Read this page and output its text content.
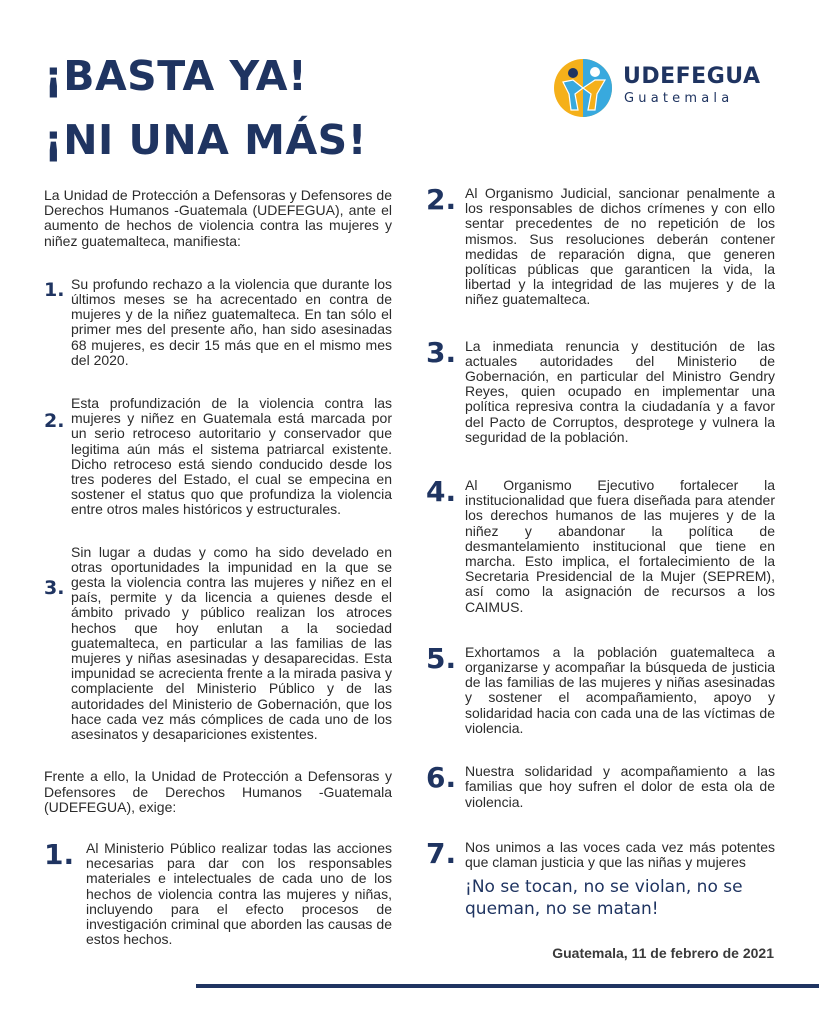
¡BASTA YA!
¡NI UNA MÁS!
UDEFEGUA
Guatemala

La Unidad de Protección a Defensoras y Defensores de Derechos Humanos -Guatemala (UDEFEGUA), ante el aumento de hechos de violencia contra las mujeres y niñez guatemalteca, manifiesta:

1. Su profundo rechazo a la violencia que durante los últimos meses se ha acrecentado en contra de mujeres y de la niñez guatemalteca. En tan sólo el primer mes del presente año, han sido asesinadas 68 mujeres, es decir 15 más que en el mismo mes del 2020.

2.

Esta profundización de la violencia contra las mujeres y niñez en Guatemala está marcada por un serio retroceso autoritario y conservador que legitima aún más el sistema patriarcal existente. Dicho retroceso está siendo conducido desde los tres poderes del Estado, el cual se empecina en sostener el status quo que profundiza la violencia entre otros males históricos y estructurales.

3.

Sin lugar a dudas y como ha sido develado en otras oportunidades la impunidad en la que se gesta la violencia contra las mujeres y niñez en el país, permite y da licencia a quienes desde el ámbito privado y público realizan los atroces hechos que hoy enlutan a la sociedad guatemalteca, en particular a las familias de las mujeres y niñas asesinadas y desaparecidas. Esta impunidad se acrecienta frente a la mirada pasiva y complaciente del Ministerio Público y de las autoridades del Ministerio de Gobernación, que los hace cada vez más cómplices de cada uno de los asesinatos y desapariciones existentes.

Frente a ello, la Unidad de Protección a Defensoras y Defensores de Derechos Humanos -Guatemala (UDEFEGUA), exige:

1. Al Ministerio Público realizar todas las acciones necesarias para dar con los responsables materiales e intelectuales de cada uno de los hechos de violencia contra las mujeres y niñas, incluyendo para el efecto procesos de investigación criminal que aborden las causas de estos hechos.

2. Al Organismo Judicial, sancionar penalmente a los responsables de dichos crímenes y con ello sentar precedentes de no repetición de los mismos. Sus resoluciones deberán contener medidas de reparación digna, que generen políticas públicas que garanticen la vida, la libertad y la integridad de las mujeres y de la niñez guatemalteca.

3. La inmediata renuncia y destitución de las actuales autoridades del Ministerio de Gobernación, en particular del Ministro Gendry Reyes, quien ocupado en implementar una política represiva contra la ciudadanía y a favor del Pacto de Corruptos, desprotege y vulnera la seguridad de la población.

4. Al Organismo Ejecutivo fortalecer la institucionalidad que fuera diseñada para atender los derechos humanos de las mujeres y de la niñez y abandonar la política de desmantelamiento institucional que tiene en marcha. Esto implica, el fortalecimiento de la Secretaria Presidencial de la Mujer (SEPREM), así como la asignación de recursos a los CAIMUS.

5. Exhortamos a la población guatemalteca a organizarse y acompañar la búsqueda de justicia de las familias de las mujeres y niñas asesinadas y sostener el acompañamiento, apoyo y solidaridad hacia con cada una de las víctimas de violencia.

6. Nuestra solidaridad y acompañamiento a las familias que hoy sufren el dolor de esta ola de violencia.

7. Nos unimos a las voces cada vez más potentes que claman justicia y que las niñas y mujeres

¡No se tocan, no se violan, no se queman, no se matan!
Guatemala, 11 de febrero de 2021
